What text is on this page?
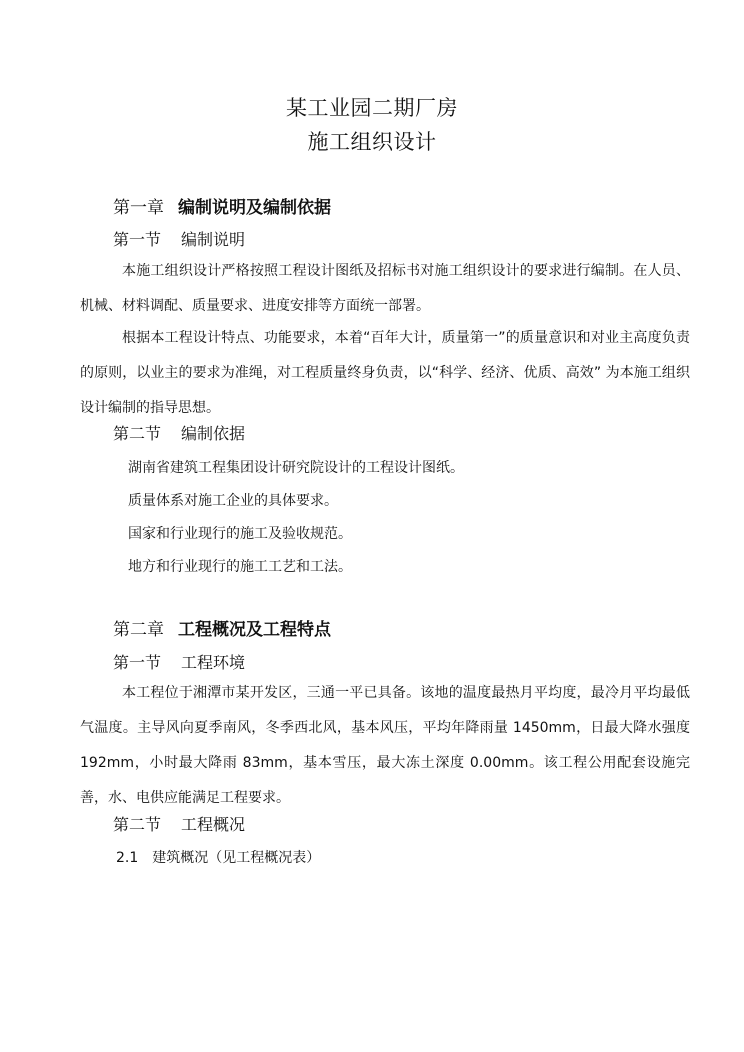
某工业园二期厂房
施工组织设计
第一章 编制说明及编制依据
第一节 编制说明
本施工组织设计严格按照工程设计图纸及招标书对施工组织设计的要求进行编制。在人员、机械、材料调配、质量要求、进度安排等方面统一部署。
根据本工程设计特点、功能要求，本着“百年大计，质量第一”的质量意识和对业主高度负责的原则，以业主的要求为准绳，对工程质量终身负责，以“科学、经济、优质、高效” 为本施工组织设计编制的指导思想。
第二节 编制依据
湖南省建筑工程集团设计研究院设计的工程设计图纸。
质量体系对施工企业的具体要求。
国家和行业现行的施工及验收规范。
地方和行业现行的施工工艺和工法。
第二章 工程概况及工程特点
第一节 工程环境
本工程位于湘潭市某开发区，三通一平已具备。该地的温度最热月平均度，最冷月平均最低气温度。主导风向夏季南风，冬季西北风，基本风压，平均年降雨量 1450mm，日最大降水强度 192mm，小时最大降雨 83mm，基本雪压，最大冻土深度 0.00mm。该工程公用配套设施完善，水、电供应能满足工程要求。
第二节 工程概况
2.1 建筑概况（见工程概况表）
